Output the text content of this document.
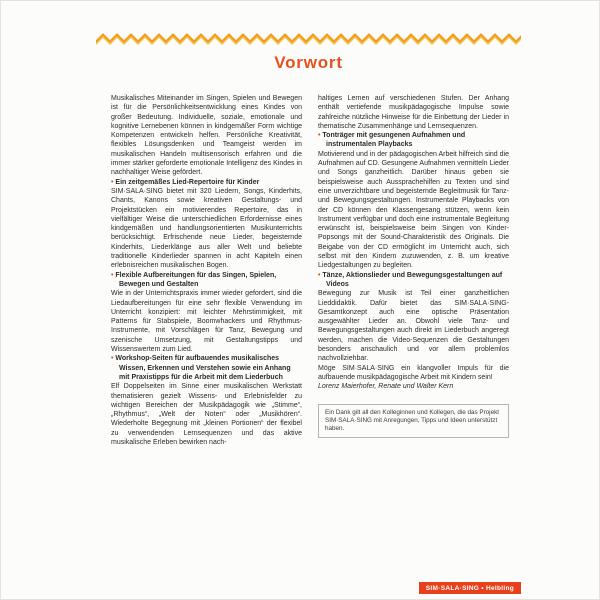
Vorwort

Musikalisches Miteinander im Singen, Spielen und Bewegen ist für die Persönlichkeitsentwicklung eines Kindes von großer Bedeutung. Individuelle, soziale, emotionale und kognitive Lernebenen können in kindgemäßer Form wichtige Kompetenzen entwickeln helfen. Persönliche Kreativität, flexibles Lösungsdenken und Teamgeist werden im musikalischen Handeln multisensorisch erfahren und die immer stärker geforderte emotionale Intelligenz des Kindes in nachhaltiger Weise gefördert.

• Ein zeitgemäßes Lied-Repertoire für Kinder

SIM·SALA·SING bietet mit 320 Liedern, Songs, Kinderhits, Chants, Kanons sowie kreativen Gestaltungs- und Projektstücken ein motivierendes Repertoire, das in vielfältiger Weise die unterschiedlichen Erfordernisse eines kindgemäßen und handlungsorientierten Musikunterrichts berücksichtigt. Erfrischende neue Lieder, begeisternde Kinderhits, Liederklänge aus aller Welt und beliebte traditionelle Kinderlieder spannen in acht Kapiteln einen erlebnisreichen musikalischen Bogen.

• Flexible Aufbereitungen für das Singen, Spielen, Bewegen und Gestalten

Wie in der Unterrichtspraxis immer wieder gefordert, sind die Liedaufbereitungen für eine sehr flexible Verwendung im Unterricht konzipiert: mit leichter Mehrstimmigkeit, mit Patterns für Stabspiele, Boomwhackers und Rhythmus-Instrumente, mit Vorschlägen für Tanz, Bewegung und szenische Umsetzung, mit Gestaltungstipps und Wissenswertem zum Lied.

• Workshop-Seiten für aufbauendes musikalisches Wissen, Erkennen und Verstehen sowie ein Anhang mit Praxistipps für die Arbeit mit dem Liederbuch

Elf Doppelseiten im Sinne einer musikalischen Werkstatt thematisieren gezielt Wissens- und Erlebnisfelder zu wichtigen Bereichen der Musikpädagogik wie „Stimme“, „Rhythmus“, „Welt der Noten“ oder „Musikhören“. Wiederholte Begegnung mit „kleinen Portionen“ der flexibel zu verwendenden Lernsequenzen und das aktive musikalische Erleben bewirken nach-

haltiges Lernen auf verschiedenen Stufen. Der Anhang enthält vertiefende musikpädagogische Impulse sowie zahlreiche nützliche Hinweise für die Einbettung der Lieder in thematische Zusammenhänge und Lernsequenzen.

• Tonträger mit gesungenen Aufnahmen und instrumentalen Playbacks

Motivierend und in der pädagogischen Arbeit hilfreich sind die Aufnahmen auf CD. Gesungene Aufnahmen vermitteln Lieder und Songs ganzheitlich. Darüber hinaus geben sie beispielsweise auch Aussprachehilfen zu Texten und sind eine unverzichtbare und begeisternde Begleitmusik für Tanz- und Bewegungsgestaltungen. Instrumentale Playbacks von der CD können den Klassengesang stützen, wenn kein Instrument verfügbar und doch eine instrumentale Begleitung erwünscht ist, beispielsweise beim Singen von Kinder-Popsongs mit der Sound-Charakteristik des Originals. Die Beigabe von der CD ermöglicht im Unterricht auch, sich selbst mit den Kindern zuzuwenden, z. B. um kreative Liedgestaltungen zu begleiten.

• Tänze, Aktionslieder und Bewegungsgestaltungen auf Videos

Bewegung zur Musik ist Teil einer ganzheitlichen Lieddidaktik. Dafür bietet das SIM·SALA·SING-Gesamtkonzept auch eine optische Präsentation ausgewählter Lieder an. Obwohl viele Tanz- und Bewegungsgestaltungen auch direkt im Liederbuch angeregt werden, machen die Video-Sequenzen die Gestaltungen besonders anschaulich und vor allem problemlos nachvollziehbar.

Möge SIM·SALA·SING ein klangvoller Impuls für die aufbauende musikpädagogische Arbeit mit Kindern sein!

Lorenz Maierhofer, Renate und Walter Kern

Ein Dank gilt all den Kolleginnen und Kollegen, die das Projekt SIM·SALA·SING mit Anregungen, Tipps und Ideen unterstützt haben.
SIM·SALA·SING • Helbling
